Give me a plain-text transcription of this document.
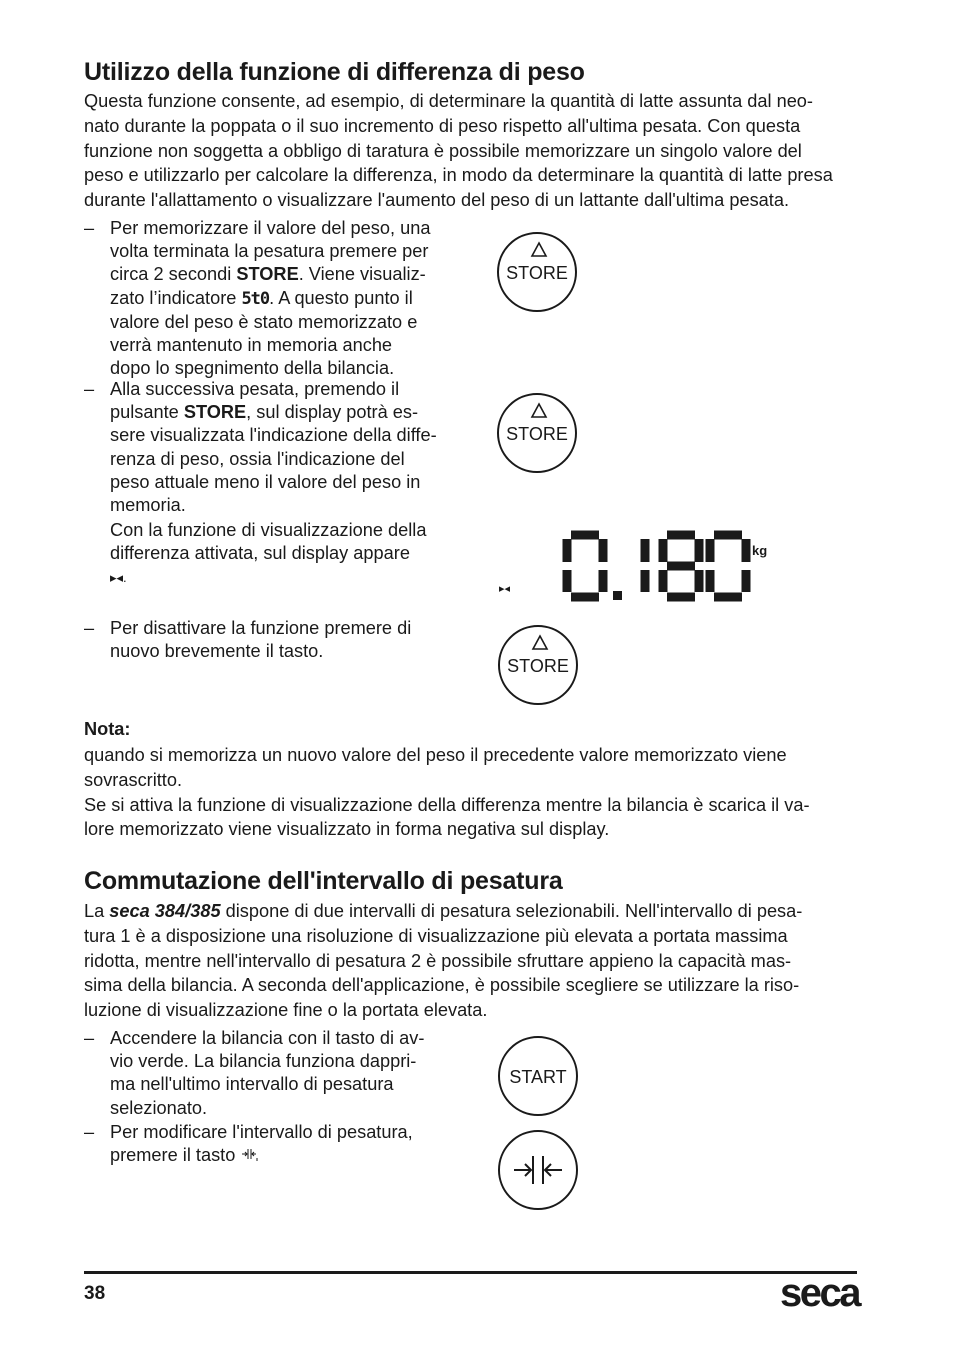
Utilizzo della funzione di differenza di peso

Questa funzione consente, ad esempio, di determinare la quantità di latte assunta dal neo-

nato durante la poppata o il suo incremento di peso rispetto all'ultima pesata. Con questa

funzione non soggetta a obbligo di taratura è possibile memorizzare un singolo valore del

peso e utilizzarlo per calcolare la differenza, in modo da determinare la quantità di latte presa

durante l'allattamento o visualizzare l'aumento del peso di un lattante dall'ultima pesata.

– Per memorizzare il valore del peso, una

volta terminata la pesatura premere per

circa 2 secondi STORE. Viene visualiz-

zato l’indicatore 5t0. A questo punto il

valore del peso è stato memorizzato e

verrà mantenuto in memoria anche

dopo lo spegnimento della bilancia.

– Alla successiva pesata, premendo il

pulsante STORE, sul display potrà es-

sere visualizzata l'indicazione della diffe-

renza di peso, ossia l'indicazione del

peso attuale meno il valore del peso in

memoria.

Con la funzione di visualizzazione della

differenza attivata, sul display appare

▸◂.

– Per disattivare la funzione premere di

nuovo brevemente il tasto.

STORE
STORE
▸◂
kg
STORE
Nota:

quando si memorizza un nuovo valore del peso il precedente valore memorizzato viene

sovrascritto.

Se si attiva la funzione di visualizzazione della differenza mentre la bilancia è scarica il va-

lore memorizzato viene visualizzato in forma negativa sul display.

Commutazione dell'intervallo di pesatura

La seca 384/385 dispone di due intervalli di pesatura selezionabili. Nell'intervallo di pesa-

tura 1 è a disposizione una risoluzione di visualizzazione più elevata a portata massima

ridotta, mentre nell'intervallo di pesatura 2 è possibile sfruttare appieno la capacità mas-

sima della bilancia. A seconda dell'applicazione, è possibile scegliere se utilizzare la riso-

luzione di visualizzazione fine o la portata elevata.

– Accendere la bilancia con il tasto di av-

vio verde. La bilancia funziona dappri-

ma nell'ultimo intervallo di pesatura

selezionato.

– Per modificare l'intervallo di pesatura,

premere il tasto

START
38	seca
